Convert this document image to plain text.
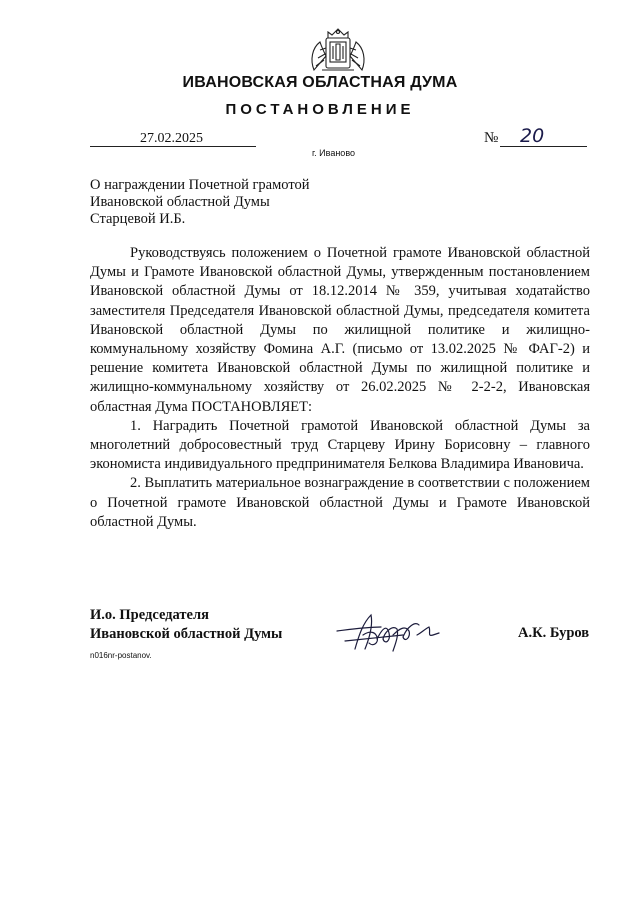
ИВАНОВСКАЯ ОБЛАСТНАЯ ДУМА
ПОСТАНОВЛЕНИЕ
27.02.2025	№ 20
г. Иваново
О награждении Почетной грамотой
Ивановской областной Думы
Старцевой И.Б.

Руководствуясь положением о Почетной грамоте Ивановской областной Думы и Грамоте Ивановской областной Думы, утвержденным постановлением Ивановской областной Думы от 18.12.2014 № 359, учитывая ходатайство заместителя Председателя Ивановской областной Думы, председателя комитета Ивановской областной Думы по жилищной политике и жилищно-коммунальному хозяйству Фомина А.Г. (письмо от 13.02.2025 № ФАГ-2) и решение комитета Ивановской областной Думы по жилищной политике и жилищно-коммунальному хозяйству от 26.02.2025 № 2-2-2, Ивановская областная Дума ПОСТАНОВЛЯЕТ:

1. Наградить Почетной грамотой Ивановской областной Думы за многолетний добросовестный труд Старцеву Ирину Борисовну – главного экономиста индивидуального предпринимателя Белкова Владимира Ивановича.

2. Выплатить материальное вознаграждение в соответствии с положением о Почетной грамоте Ивановской областной Думы и Грамоте Ивановской областной Думы.

И.о. Председателя
Ивановской областной Думы	А.К. Буров
n016nr-postanov.
